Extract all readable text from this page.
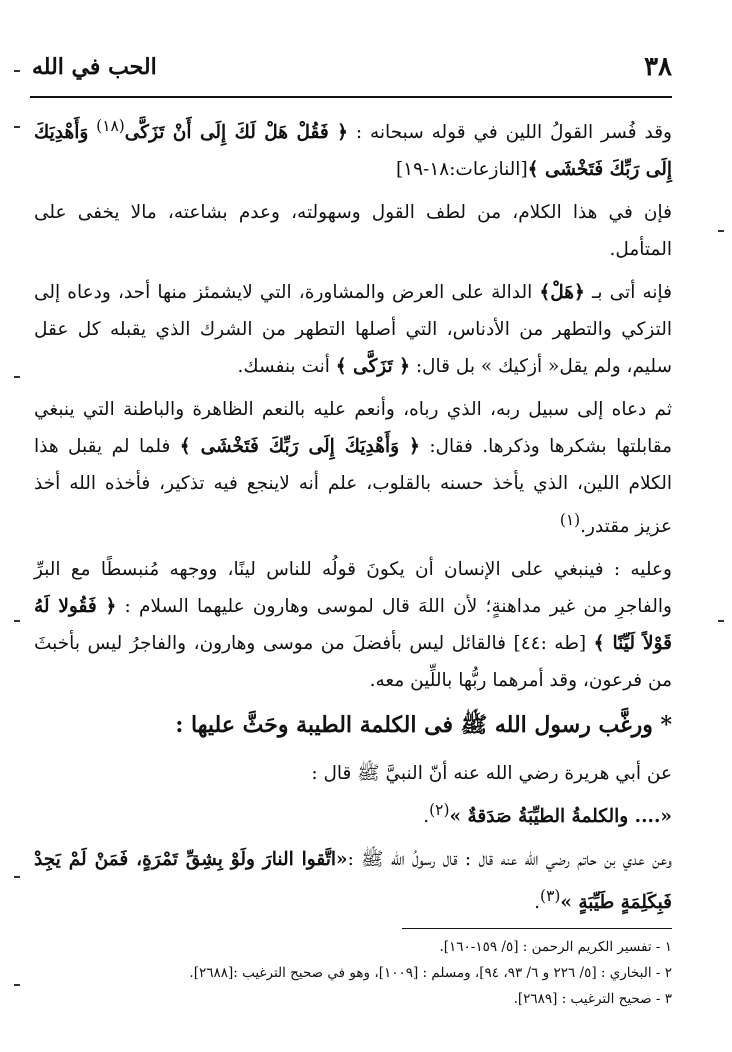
٣٨
الحب في الله

وقد فُسر القولُ اللين في قوله سبحانه : ﴿ فَقُلْ هَلْ لَكَ إِلَى أَنْ تَزَكَّى$^{(١٨)}$ وَأَهْدِيَكَ إِلَى رَبِّكَ فَتَخْشَى ﴾[النازعات:١٨-١٩]

فإن في هذا الكلام، من لطف القول وسهولته، وعدم بشاعته، مالا يخفى على المتأمل.

فإنه أتى بـ ﴿هَلْ﴾ الدالة على العرض والمشاورة، التي لايشمئز منها أحد، ودعاه إلى التزكي والتطهر من الأدناس، التي أصلها التطهر من الشرك الذي يقبله كل عقل سليم، ولم يقل« أزكيك » بل قال: ﴿ تَزَكَّى ﴾ أنت بنفسك.

ثم دعاه إلى سبيل ربه، الذي رباه، وأنعم عليه بالنعم الظاهرة والباطنة التي ينبغي مقابلتها بشكرها وذكرها. فقال: ﴿ وَأَهْدِيَكَ إِلَى رَبِّكَ فَتَخْشَى ﴾ فلما لم يقبل هذا الكلام اللين، الذي يأخذ حسنه بالقلوب، علم أنه لاينجع فيه تذكير، فأخذه الله أخذ عزيز مقتدر.$^{(١)}$

وعليه : فينبغي على الإنسان أن يكونَ قولُه للناس لينًا، ووجهه مُنبسطًا مع البرِّ والفاجرِ من غير مداهنةٍ؛ لأن اللهَ قال لموسى وهارون عليهما السلام : ﴿ فَقُولا لَهُ قَوْلاً لَيِّنًا ﴾ [طه :٤٤] فالقائل ليس بأفضلَ من موسى وهارون، والفاجرُ ليس بأخبثَ من فرعون، وقد أمرهما ربُّها باللِّين معه.

* ورغَّب رسول الله ﷺ فى الكلمة الطيبة وحَثَّ عليها :

عن أبي هريرة رضي الله عنه أنّ النبيَّ ﷺ قال :
«.... والكلمةُ الطيِّبَةُ صَدَقةٌ »$^{(٢)}$.

وعن عدي بن حاتم رضي الله عنه قال : قال رسولُ الله ﷺ :«اتَّقوا النارَ ولَوْ بِشِقِّ تَمْرَةٍ، فَمَنْ لَمْ يَجِدْ فَبِكَلِمَةٍ طَيِّبَةٍ »$^{(٣)}$.

١ - تفسير الكريم الرحمن : [٥/ ١٥٩-١٦٠].
٢ - البخاري : [٥/ ٢٢٦ و ٦/ ٩٣، ٩٤]، ومسلم : [١٠٠٩]، وهو في صحيح الترغيب :[٢٦٨٨].
٣ - صحيح الترغيب : [٢٦٨٩].
